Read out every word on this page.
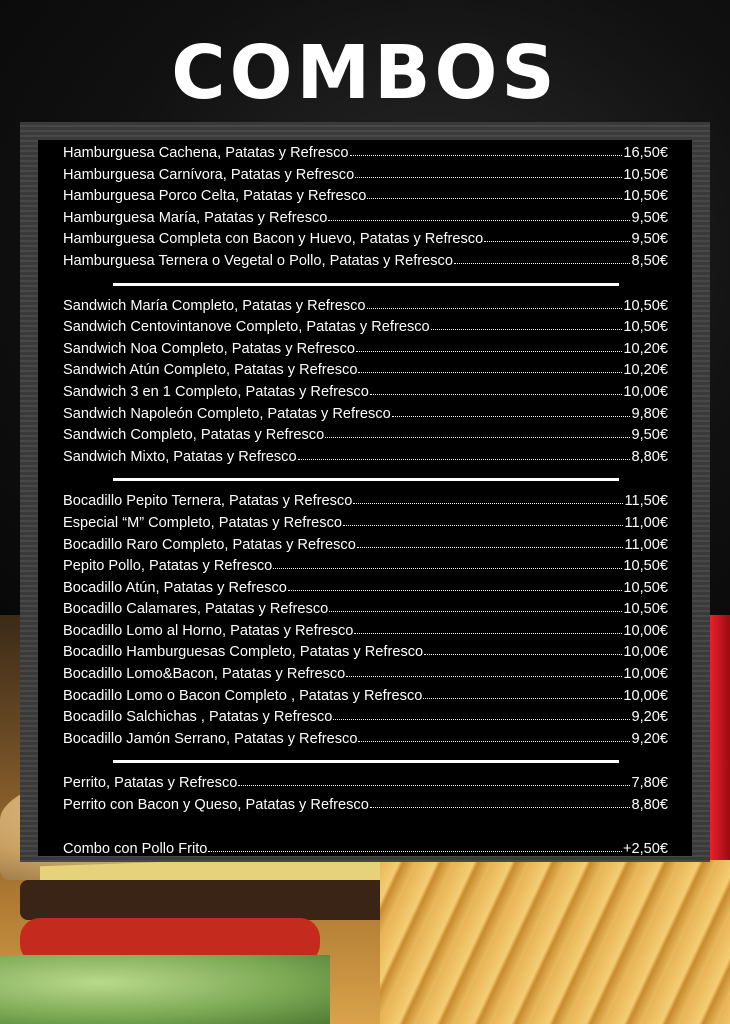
COMBOS
Hamburguesa Cachena, Patatas y Refresco	16,50€
Hamburguesa Carnívora, Patatas y Refresco	10,50€
Hamburguesa Porco Celta, Patatas y Refresco	10,50€
Hamburguesa María, Patatas y Refresco	9,50€
Hamburguesa Completa con Bacon y Huevo, Patatas y Refresco	9,50€
Hamburguesa Ternera o Vegetal o Pollo, Patatas y Refresco	8,50€
Sandwich María Completo, Patatas y Refresco	10,50€
Sandwich Centovintanove Completo, Patatas y Refresco	10,50€
Sandwich Noa Completo, Patatas y Refresco	10,20€
Sandwich Atún Completo, Patatas y Refresco	10,20€
Sandwich 3 en 1 Completo, Patatas y Refresco	10,00€
Sandwich Napoleón Completo, Patatas y Refresco	9,80€
Sandwich Completo, Patatas y Refresco	9,50€
Sandwich Mixto, Patatas y Refresco	8,80€
Bocadillo Pepito Ternera, Patatas y Refresco	11,50€
Especial “M” Completo, Patatas y Refresco	11,00€
Bocadillo Raro Completo, Patatas y Refresco	11,00€
Pepito Pollo, Patatas y Refresco	10,50€
Bocadillo Atún, Patatas y Refresco	10,50€
Bocadillo Calamares, Patatas y Refresco	10,50€
Bocadillo Lomo al Horno, Patatas y Refresco	10,00€
Bocadillo Hamburguesas Completo, Patatas y Refresco	10,00€
Bocadillo Lomo&Bacon, Patatas y Refresco	10,00€
Bocadillo Lomo o Bacon Completo , Patatas y Refresco	10,00€
Bocadillo Salchichas , Patatas y Refresco	9,20€
Bocadillo Jamón Serrano, Patatas y Refresco	9,20€
Perrito, Patatas y Refresco	7,80€
Perrito con Bacon y Queso, Patatas y Refresco	8,80€
Combo con Pollo Frito	+2,50€
